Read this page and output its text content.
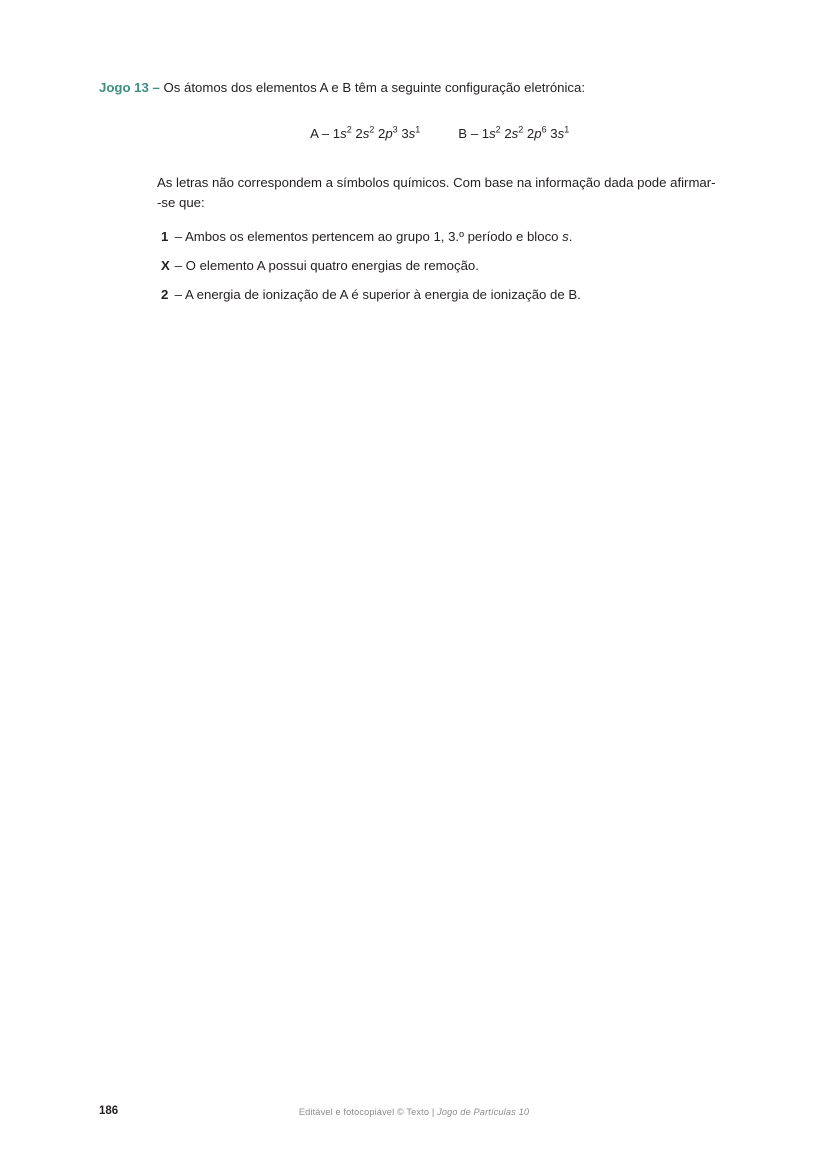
Jogo 13 – Os átomos dos elementos A e B têm a seguinte configuração eletrónica:

A – $1s^2$ $2s^2$ $2p^3$ $3s^1$	B – $1s^2$ $2s^2$ $2p^6$ $3s^1$

As letras não correspondem a símbolos químicos. Com base na informação dada pode afirmar-
-se que:
1 – Ambos os elementos pertencem ao grupo 1, 3.º período e bloco s.
X – O elemento A possui quatro energias de remoção.
2 – A energia de ionização de A é superior à energia de ionização de B.
186	Editável e fotocopiável © Texto | Jogo de Partículas 10
